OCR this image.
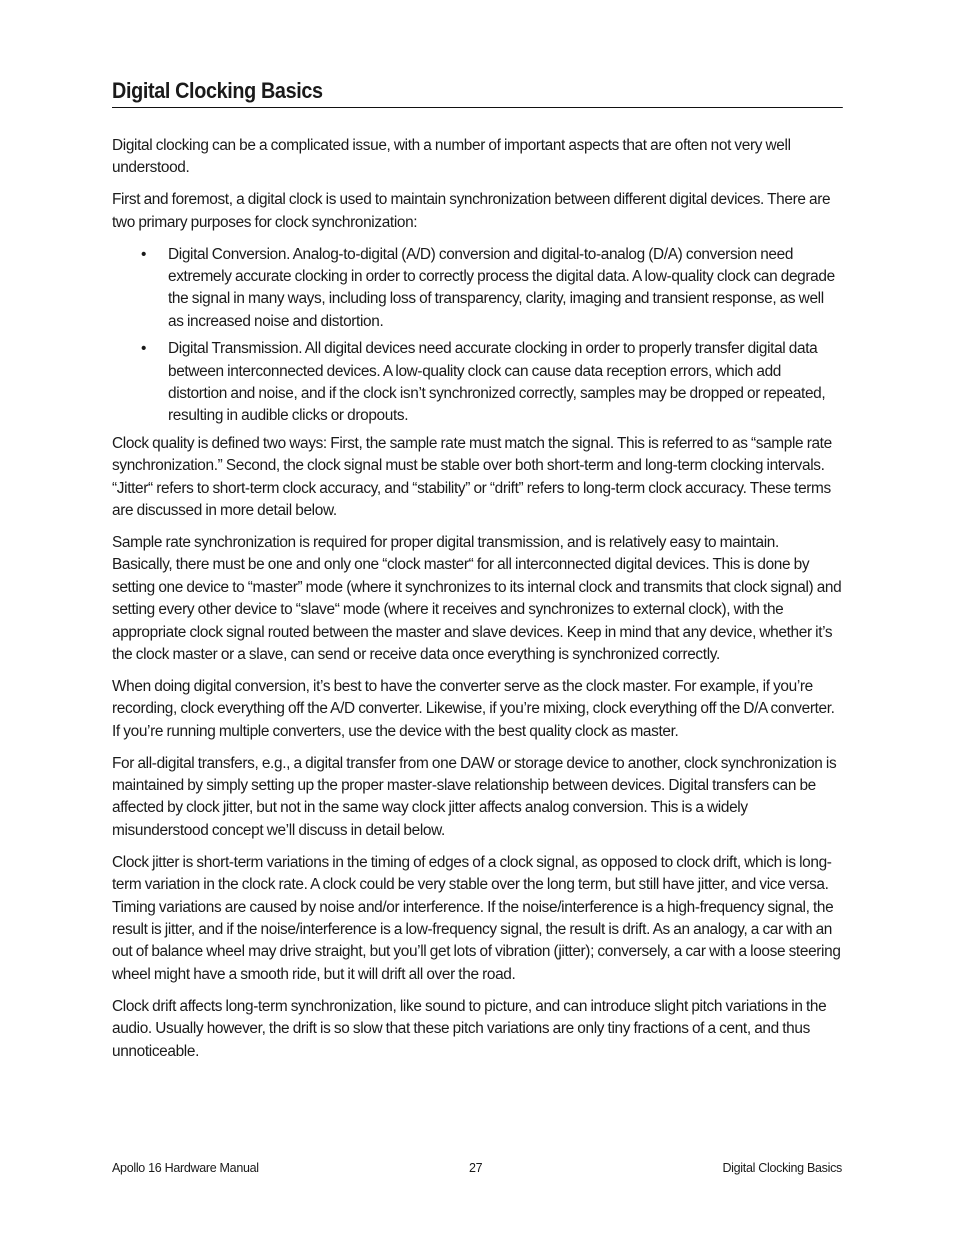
Digital Clocking Basics

Digital clocking can be a complicated issue, with a number of important aspects that are often not very well understood.

First and foremost, a digital clock is used to maintain synchronization between different digital devices. There are two primary purposes for clock synchronization:

• Digital Conversion. Analog-to-digital (A/D) conversion and digital-to-analog (D/A) conversion need extremely accurate clocking in order to correctly process the digital data. A low-quality clock can degrade the signal in many ways, including loss of transparency, clarity, imaging and transient response, as well as increased noise and distortion.
• Digital Transmission. All digital devices need accurate clocking in order to properly transfer digital data between interconnected devices. A low-quality clock can cause data reception errors, which add distortion and noise, and if the clock isn’t synchronized correctly, samples may be dropped or repeated, resulting in audible clicks or dropouts.

Clock quality is defined two ways: First, the sample rate must match the signal. This is referred to as “sample rate synchronization.” Second, the clock signal must be stable over both short-term and long-term clocking intervals. “Jitter“ refers to short-term clock accuracy, and “stability” or “drift” refers to long-term clock accuracy. These terms are discussed in more detail below.

Sample rate synchronization is required for proper digital transmission, and is relatively easy to maintain. Basically, there must be one and only one “clock master“ for all interconnected digital devices. This is done by setting one device to “master” mode (where it synchronizes to its internal clock and transmits that clock signal) and setting every other device to “slave“ mode (where it receives and synchronizes to external clock), with the appropriate clock signal routed between the master and slave devices. Keep in mind that any device, whether it’s the clock master or a slave, can send or receive data once everything is synchronized correctly.

When doing digital conversion, it’s best to have the converter serve as the clock master. For example, if you’re recording, clock everything off the A/D converter. Likewise, if you’re mixing, clock everything off the D/A converter. If you’re running multiple converters, use the device with the best quality clock as master.

For all-digital transfers, e.g., a digital transfer from one DAW or storage device to another, clock synchronization is maintained by simply setting up the proper master-slave relationship between devices. Digital transfers can be affected by clock jitter, but not in the same way clock jitter affects analog conversion. This is a widely misunderstood concept we’ll discuss in detail below.

Clock jitter is short-term variations in the timing of edges of a clock signal, as opposed to clock drift, which is long-term variation in the clock rate. A clock could be very stable over the long term, but still have jitter, and vice versa. Timing variations are caused by noise and/or interference. If the noise/interference is a high-frequency signal, the result is jitter, and if the noise/interference is a low-frequency signal, the result is drift. As an analogy, a car with an out of balance wheel may drive straight, but you’ll get lots of vibration (jitter); conversely, a car with a loose steering wheel might have a smooth ride, but it will drift all over the road.

Clock drift affects long-term synchronization, like sound to picture, and can introduce slight pitch variations in the audio. Usually however, the drift is so slow that these pitch variations are only tiny fractions of a cent, and thus unnoticeable.

Apollo 16 Hardware Manual	27	Digital Clocking Basics
